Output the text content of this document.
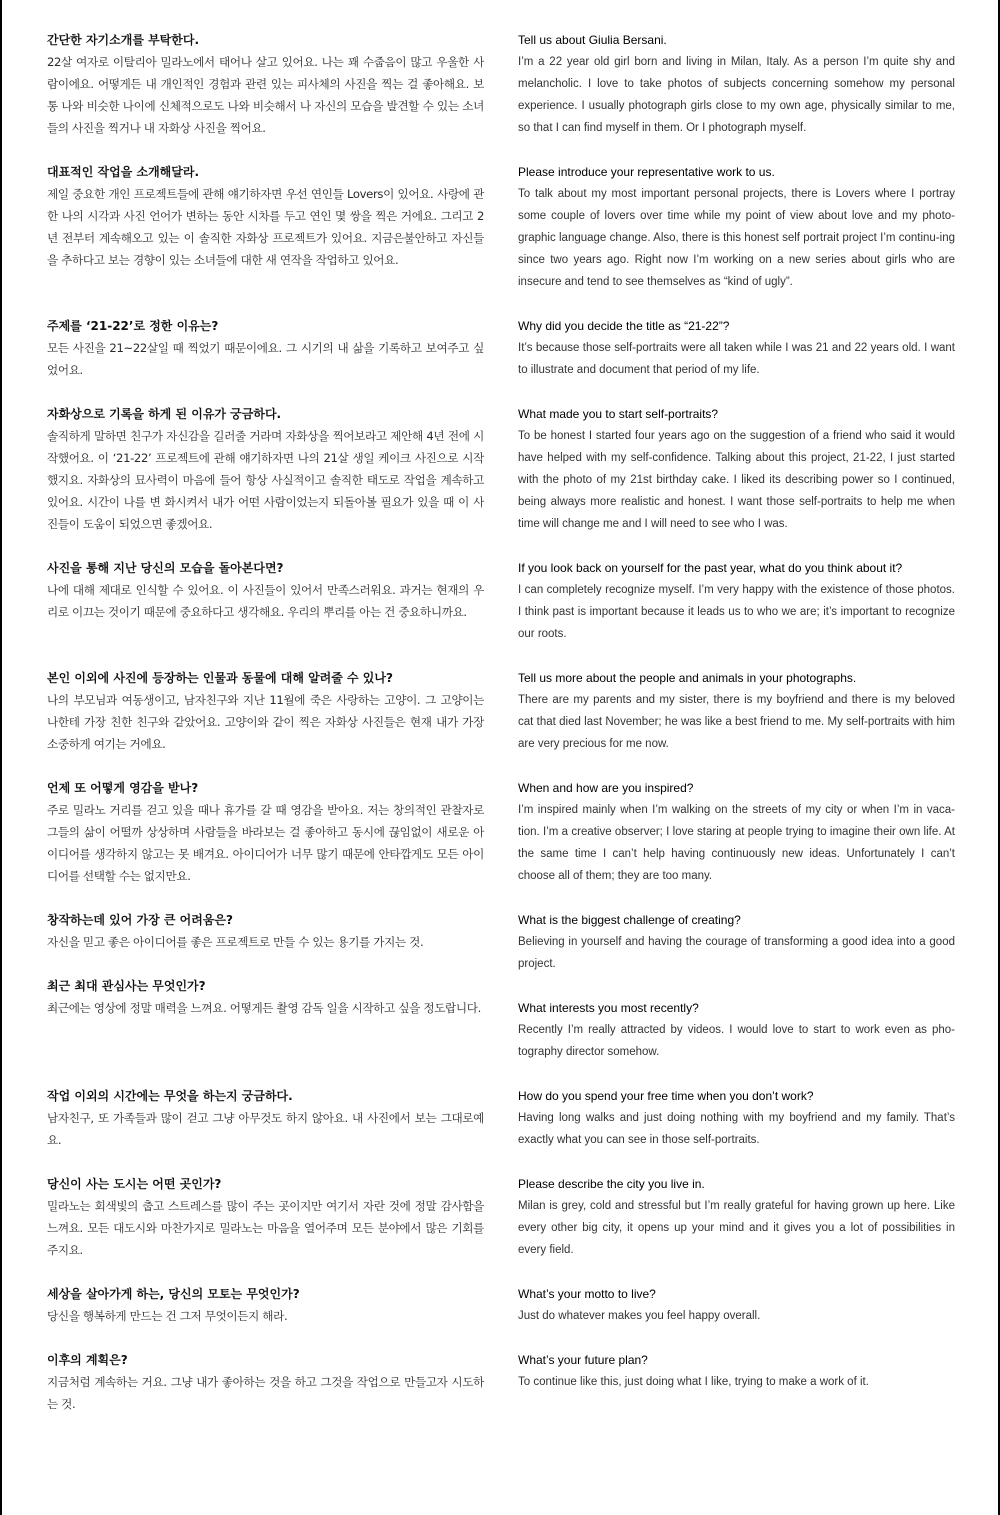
간단한 자기소개를 부탁한다.

22살 여자로 이탈리아 밀라노에서 태어나 살고 있어요. 나는 꽤 수줍음이 많고 우울한 사람이에요. 어떻게든 내 개인적인 경험과 관련 있는 피사체의 사진을 찍는 걸 좋아해요. 보통 나와 비슷한 나이에 신체적으로도 나와 비슷해서 나 자신의 모습을 발견할 수 있는 소녀들의 사진을 찍거나 내 자화상 사진을 찍어요.

대표적인 작업을 소개해달라.

제일 중요한 개인 프로젝트들에 관해 얘기하자면 우선 연인들 Lovers이 있어요. 사랑에 관한 나의 시각과 사진 언어가 변하는 동안 시차를 두고 연인 몇 쌍을 찍은 거에요. 그리고 2년 전부터 계속해오고 있는 이 솔직한 자화상 프로젝트가 있어요. 지금은불안하고 자신들을 추하다고 보는 경향이 있는 소녀들에 대한 새 연작을 작업하고 있어요.

주제를 ‘21-22’로 정한 이유는?

모든 사진을 21~22살일 때 찍었기 때문이에요. 그 시기의 내 삶을 기록하고 보여주고 싶었어요.

자화상으로 기록을 하게 된 이유가 궁금하다.

솔직하게 말하면 친구가 자신감을 길러줄 거라며 자화상을 찍어보라고 제안해 4년 전에 시작했어요. 이 ‘21-22’ 프로젝트에 관해 얘기하자면 나의 21살 생일 케이크 사진으로 시작했지요. 자화상의 묘사력이 마음에 들어 항상 사실적이고 솔직한 태도로 작업을 계속하고 있어요. 시간이 나를 변 화시켜서 내가 어떤 사람이었는지 되돌아볼 필요가 있을 때 이 사진들이 도움이 되었으면 좋겠어요.

사진을 통해 지난 당신의 모습을 돌아본다면?

나에 대해 제대로 인식할 수 있어요. 이 사진들이 있어서 만족스러워요. 과거는 현재의 우리로 이끄는 것이기 때문에 중요하다고 생각해요. 우리의 뿌리를 아는 건 중요하니까요.

본인 이외에 사진에 등장하는 인물과 동물에 대해 알려줄 수 있나?

나의 부모님과 여동생이고, 남자친구와 지난 11월에 죽은 사랑하는 고양이. 그 고양이는 나한테 가장 친한 친구와 같았어요. 고양이와 같이 찍은 자화상 사진들은 현재 내가 가장 소중하게 여기는 거에요.

언제 또 어떻게 영감을 받나?

주로 밀라노 거리를 걷고 있을 때나 휴가를 갈 때 영감을 받아요. 저는 창의적인 관찰자로 그들의 삶이 어떨까 상상하며 사람들을 바라보는 걸 좋아하고 동시에 끊임없이 새로운 아이디어를 생각하지 않고는 못 배겨요. 아이디어가 너무 많기 때문에 안타깝게도 모든 아이디어를 선택할 수는 없지만요.

창작하는데 있어 가장 큰 어려움은?

자신을 믿고 좋은 아이디어를 좋은 프로젝트로 만들 수 있는 용기를 가지는 것.

최근 최대 관심사는 무엇인가?

최근에는 영상에 정말 매력을 느껴요. 어떻게든 촬영 감독 일을 시작하고 싶을 정도랍니다.

작업 이외의 시간에는 무엇을 하는지 궁금하다.

남자친구, 또 가족들과 많이 걷고 그냥 아무것도 하지 않아요. 내 사진에서 보는 그대로예요.

당신이 사는 도시는 어떤 곳인가?

밀라노는 회색빛의 춥고 스트레스를 많이 주는 곳이지만 여기서 자란 것에 정말 감사함을 느껴요. 모든 대도시와 마찬가지로 밀라노는 마음을 열어주며 모든 분야에서 많은 기회를 주지요.

세상을 살아가게 하는, 당신의 모토는 무엇인가?

당신을 행복하게 만드는 건 그저 무엇이든지 해라.

이후의 계획은?

지금처럼 계속하는 거요. 그냥 내가 좋아하는 것을 하고 그것을 작업으로 만들고자 시도하는 것.

Tell us about Giulia Bersani.

I’m a 22 year old girl born and living in Milan, Italy. As a person I’m quite shy and melancholic. I love to take photos of subjects concerning somehow my personal experience. I usually photograph girls close to my own age, physically similar to me, so that I can find myself in them. Or I photograph myself.

Please introduce your representative work to us.

To talk about my most important personal projects, there is Lovers where I portray some couple of lovers over time while my point of view about love and my photo-graphic language change. Also, there is this honest self portrait project I’m continu-ing since two years ago. Right now I’m working on a new series about girls who are insecure and tend to see themselves as “kind of ugly”.

Why did you decide the title as “21-22”?

It’s because those self-portraits were all taken while I was 21 and 22 years old. I want to illustrate and document that period of my life.

What made you to start self-portraits?

To be honest I started four years ago on the suggestion of a friend who said it would have helped with my self-confidence. Talking about this project, 21-22, I just started with the photo of my 21st birthday cake. I liked its describing power so I continued, being always more realistic and honest. I want those self-portraits to help me when time will change me and I will need to see who I was.

If you look back on yourself for the past year, what do you think about it?

I can completely recognize myself. I’m very happy with the existence of those photos. I think past is important because it leads us to who we are; it’s important to recognize our roots.

Tell us more about the people and animals in your photographs.

There are my parents and my sister, there is my boyfriend and there is my beloved cat that died last November; he was like a best friend to me. My self-portraits with him are very precious for me now.

When and how are you inspired?

I’m inspired mainly when I’m walking on the streets of my city or when I’m in vaca-tion. I’m a creative observer; I love staring at people trying to imagine their own life. At the same time I can’t help having continuously new ideas. Unfortunately I can’t choose all of them; they are too many.

What is the biggest challenge of creating?

Believing in yourself and having the courage of transforming a good idea into a good project.

What interests you most recently?

Recently I’m really attracted by videos. I would love to start to work even as pho-tography director somehow.

How do you spend your free time when you don’t work?

Having long walks and just doing nothing with my boyfriend and my family. That’s exactly what you can see in those self-portraits.

Please describe the city you live in.

Milan is grey, cold and stressful but I’m really grateful for having grown up here. Like every other big city, it opens up your mind and it gives you a lot of possibilities in every field.

What’s your motto to live?

Just do whatever makes you feel happy overall.

What’s your future plan?

To continue like this, just doing what I like, trying to make a work of it.
